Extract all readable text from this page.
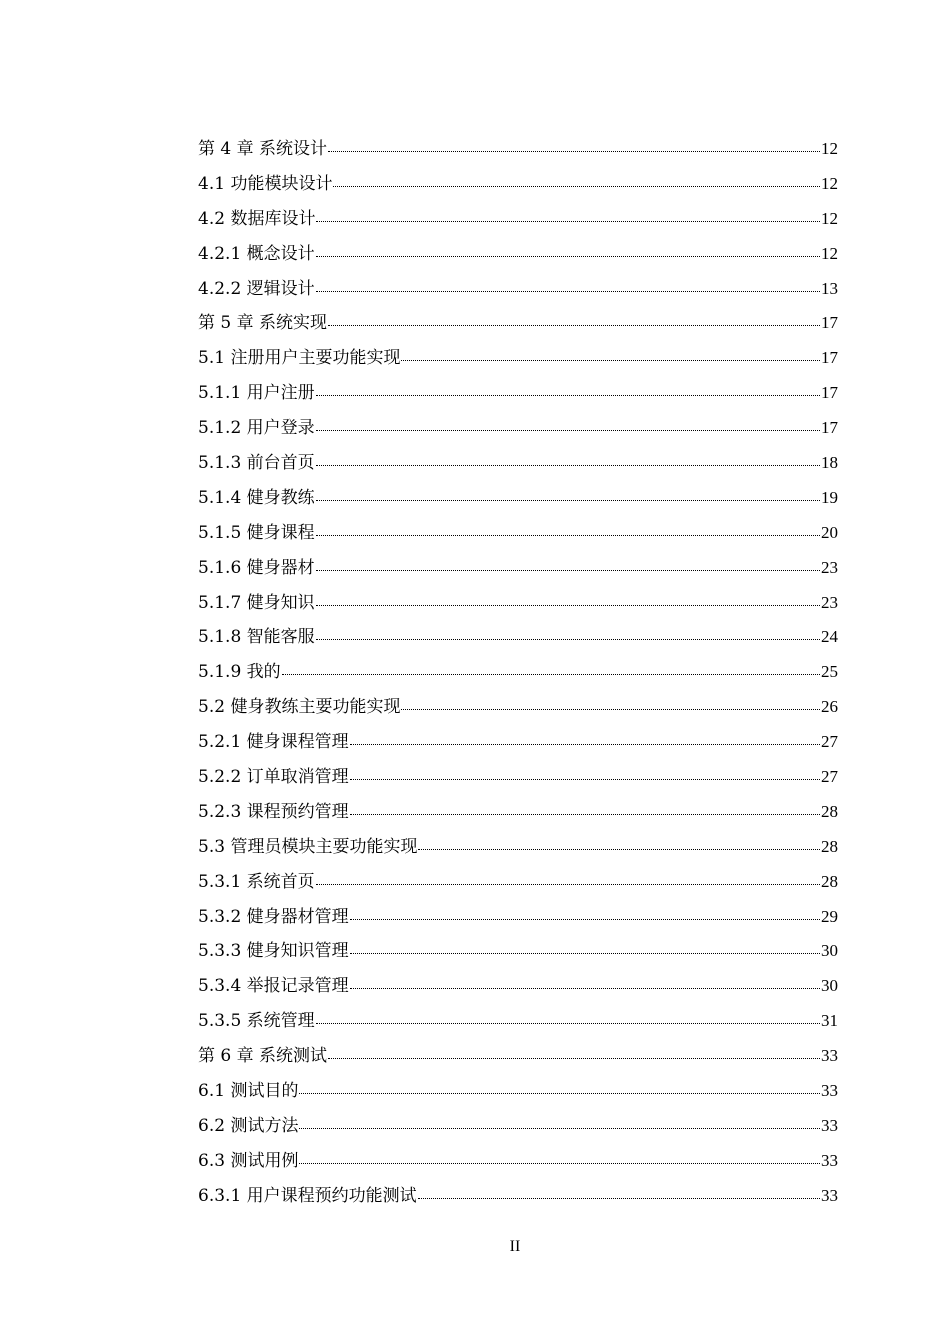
第 4 章 系统设计	12
4.1 功能模块设计	12
4.2 数据库设计	12
4.2.1 概念设计	12
4.2.2 逻辑设计	13
第 5 章 系统实现	17
5.1 注册用户主要功能实现	17
5.1.1 用户注册	17
5.1.2 用户登录	17
5.1.3 前台首页	18
5.1.4 健身教练	19
5.1.5 健身课程	20
5.1.6 健身器材	23
5.1.7 健身知识	23
5.1.8 智能客服	24
5.1.9 我的	25
5.2 健身教练主要功能实现	26
5.2.1 健身课程管理	27
5.2.2 订单取消管理	27
5.2.3 课程预约管理	28
5.3 管理员模块主要功能实现	28
5.3.1 系统首页	28
5.3.2 健身器材管理	29
5.3.3 健身知识管理	30
5.3.4 举报记录管理	30
5.3.5 系统管理	31
第 6 章 系统测试	33
6.1 测试目的	33
6.2 测试方法	33
6.3 测试用例	33
6.3.1 用户课程预约功能测试	33
II
